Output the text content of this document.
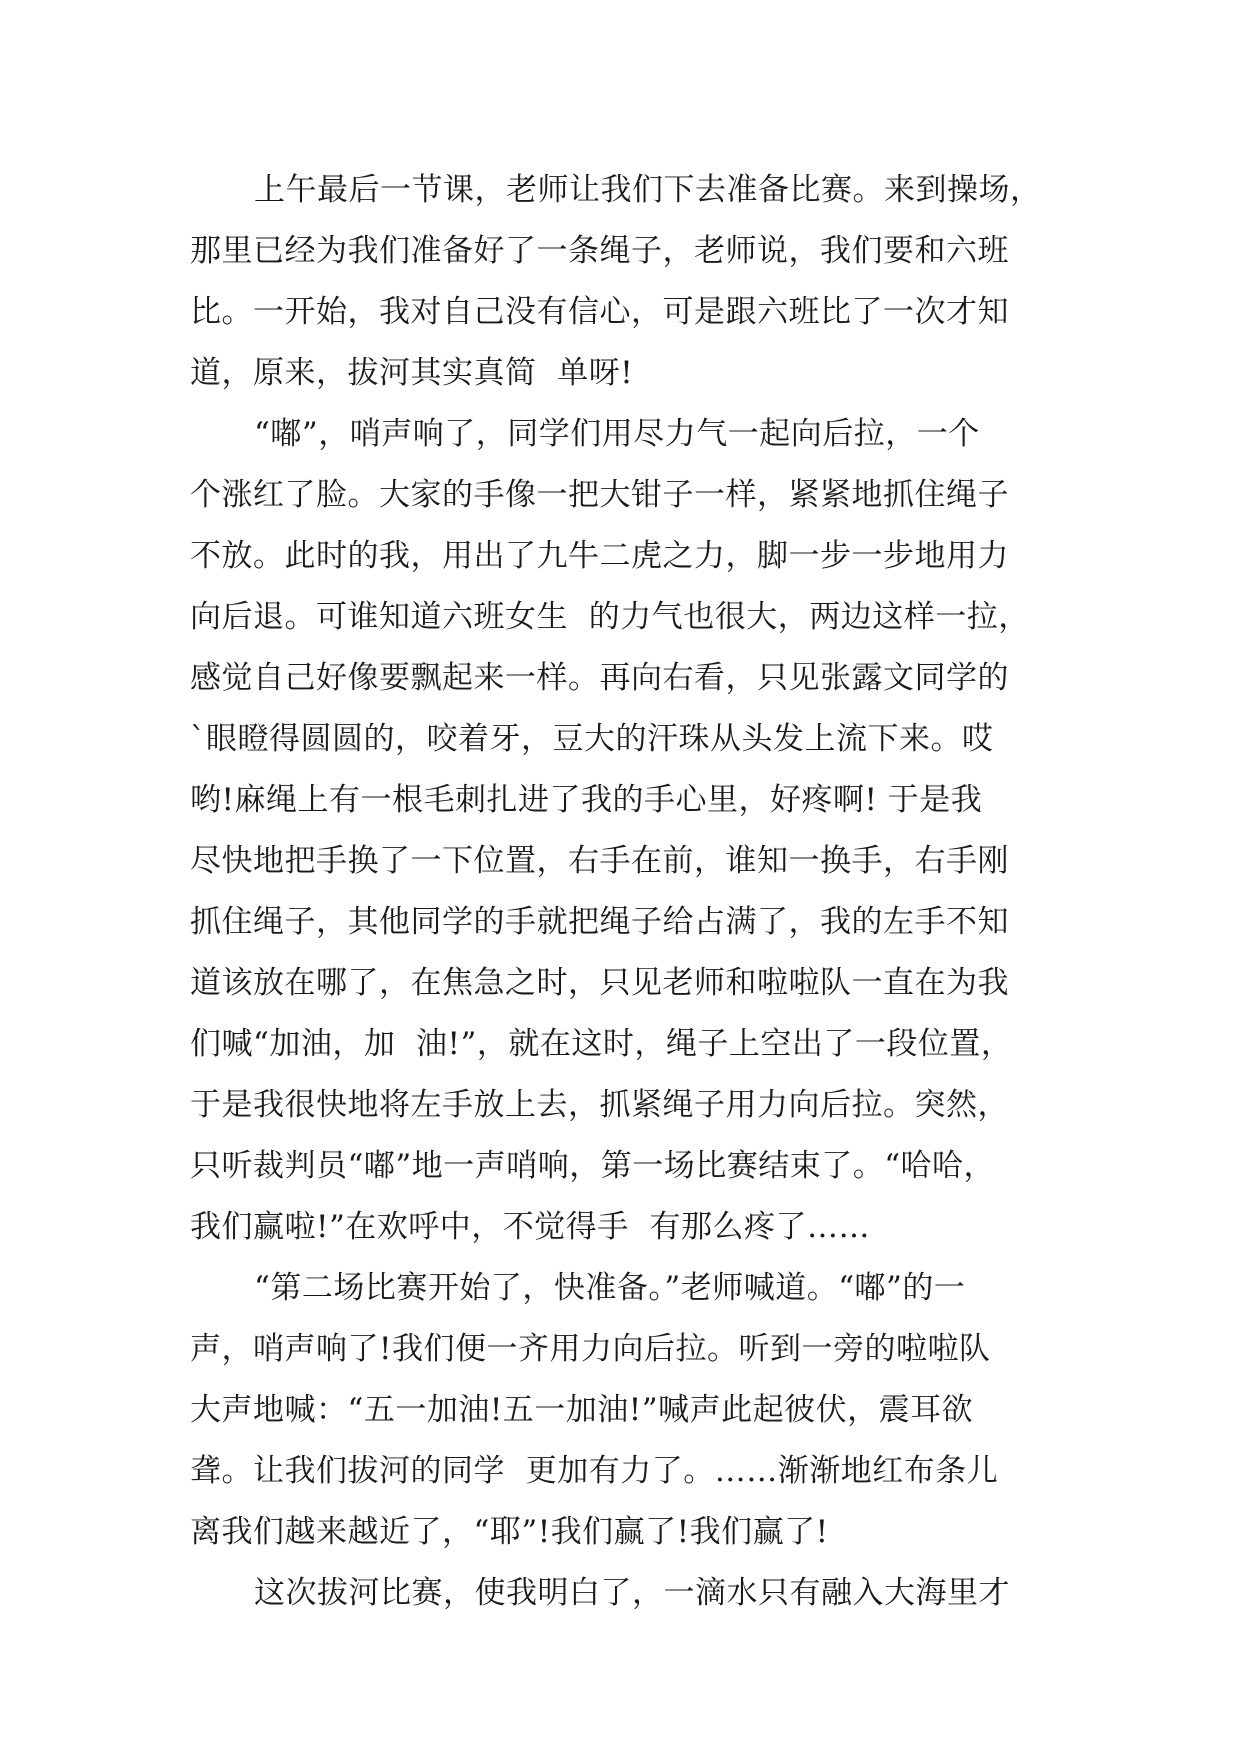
上午最后一节课，老师让我们下去准备比赛。来到操场，
那里已经为我们准备好了一条绳子，老师说，我们要和六班
比。一开始，我对自己没有信心，可是跟六班比了一次才知
道，原来，拔河其实真简  单呀!
“嘟”，哨声响了，同学们用尽力气一起向后拉，一个
个涨红了脸。大家的手像一把大钳子一样，紧紧地抓住绳子
不放。此时的我，用出了九牛二虎之力，脚一步一步地用力
向后退。可谁知道六班女生  的力气也很大，两边这样一拉，
感觉自己好像要飘起来一样。再向右看，只见张露文同学的
`眼瞪得圆圆的，咬着牙，豆大的汗珠从头发上流下来。哎
哟!麻绳上有一根毛刺扎进了我的手心里，好疼啊! 于是我
尽快地把手换了一下位置，右手在前，谁知一换手，右手刚
抓住绳子，其他同学的手就把绳子给占满了，我的左手不知
道该放在哪了，在焦急之时，只见老师和啦啦队一直在为我
们喊“加油，加  油!”，就在这时，绳子上空出了一段位置，
于是我很快地将左手放上去，抓紧绳子用力向后拉。突然，
只听裁判员“嘟”地一声哨响，第一场比赛结束了。“哈哈，
我们赢啦!”在欢呼中，不觉得手  有那么疼了……
“第二场比赛开始了，快准备。”老师喊道。“嘟”的一
声，哨声响了!我们便一齐用力向后拉。听到一旁的啦啦队
大声地喊：“五一加油!五一加油!”喊声此起彼伏，震耳欲
聋。让我们拔河的同学  更加有力了。……渐渐地红布条儿
离我们越来越近了，“耶”!我们赢了!我们赢了!
这次拔河比赛，使我明白了，一滴水只有融入大海里才
